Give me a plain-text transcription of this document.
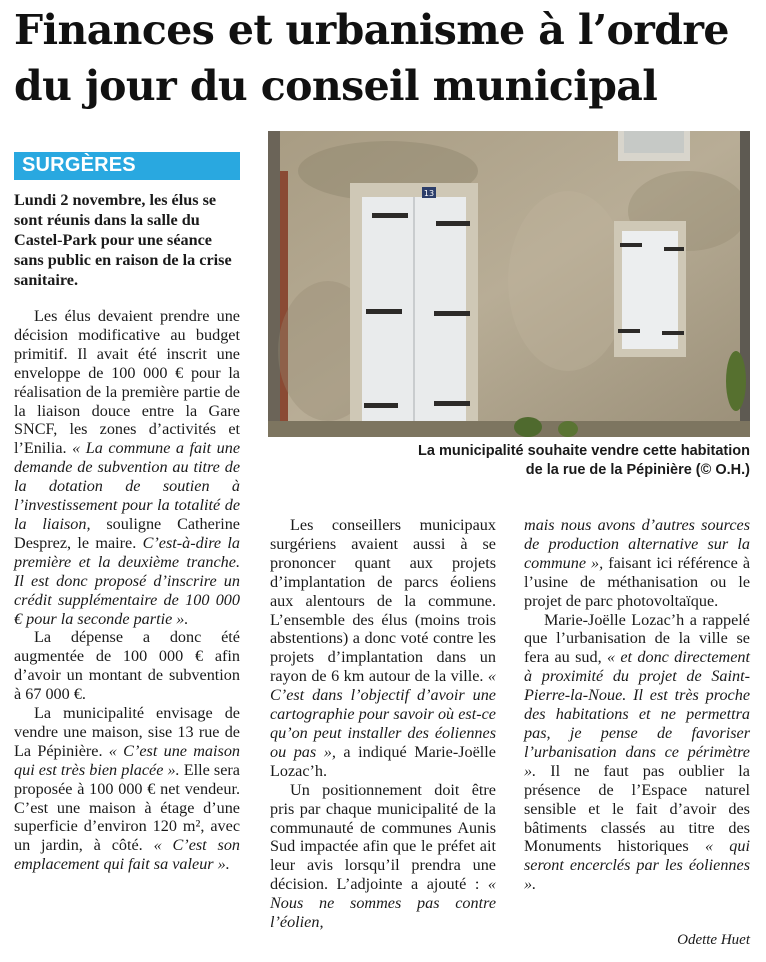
Finances et urbanisme à l’ordre du jour du conseil municipal
SURGÈRES

Lundi 2 novembre, les élus se sont réunis dans la salle du Castel-Park pour une séance sans public en raison de la crise sanitaire.

Les élus devaient prendre une décision modificative au budget primitif. Il avait été inscrit une enveloppe de 100 000 € pour la réalisation de la première partie de la liaison douce entre la Gare SNCF, les zones d’activités et l’Enilia. « La commune a fait une demande de subvention au titre de la dotation de soutien à l’investissement pour la totalité de la liaison, souligne Catherine Desprez, le maire. C’est-à-dire la première et la deuxième tranche. Il est donc proposé d’inscrire un crédit supplémentaire de 100 000 € pour la seconde partie ».

La dépense a donc été augmentée de 100 000 € afin d’avoir un montant de subvention à 67 000 €.

La municipalité envisage de vendre une maison, sise 13 rue de La Pépinière. « C’est une maison qui est très bien placée ». Elle sera proposée à 100 000 € net vendeur. C’est une maison à étage d’une superficie d’environ 120 m², avec un jardin, à côté. « C’est son emplacement qui fait sa valeur ».

13

La municipalité souhaite vendre cette habitation
de la rue de la Pépinière (© O.H.)

Les conseillers municipaux surgériens avaient aussi à se prononcer quant aux projets d’implantation de parcs éoliens aux alentours de la commune. L’ensemble des élus (moins trois abstentions) a donc voté contre les projets d’implantation dans un rayon de 6 km autour de la ville. « C’est dans l’objectif d’avoir une cartographie pour savoir où est-ce qu’on peut installer des éoliennes ou pas », a indiqué Marie-Joëlle Lozac’h.

Un positionnement doit être pris par chaque municipalité de la communauté de communes Aunis Sud impactée afin que le préfet ait leur avis lorsqu’il prendra une décision. L’adjointe a ajouté : « Nous ne sommes pas contre l’éolien,

mais nous avons d’autres sources de production alternative sur la commune », faisant ici référence à l’usine de méthanisation ou le projet de parc photovoltaïque.

Marie-Joëlle Lozac’h a rappelé que l’urbanisation de la ville se fera au sud, « et donc directement à proximité du projet de Saint-Pierre-la-Noue. Il est très proche des habitations et ne permettra pas, je pense de favoriser l’urbanisation dans ce périmètre ». Il ne faut pas oublier la présence de l’Espace naturel sensible et le fait d’avoir des bâtiments classés au titre des Monuments historiques « qui seront encerclés par les éoliennes ».

Odette Huet
